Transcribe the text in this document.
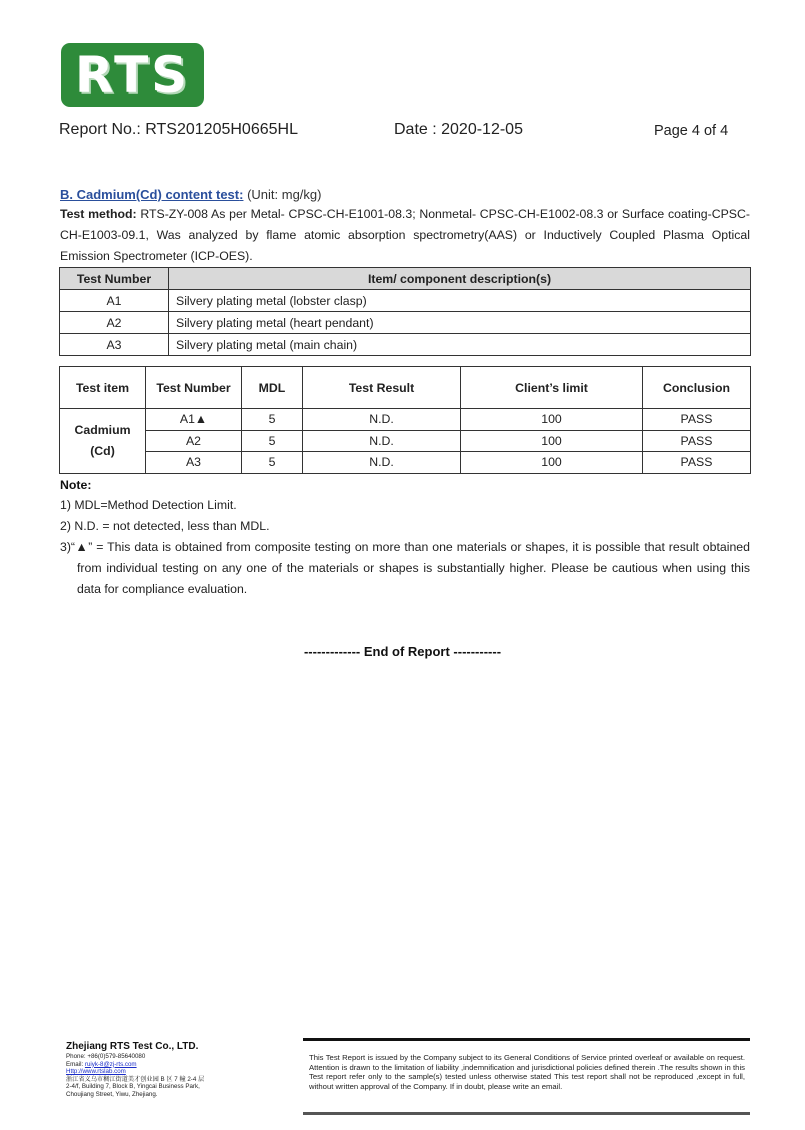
RTS
Report No.: RTS201205H0665HL	Date : 2020-12-05	Page 4 of 4
B. Cadmium(Cd) content test: (Unit: mg/kg)
Test method: RTS-ZY-008 As per Metal- CPSC-CH-E1001-08.3; Nonmetal- CPSC-CH-E1002-08.3 or Surface coating-CPSC-CH-E1003-09.1, Was analyzed by flame atomic absorption spectrometry(AAS) or Inductively Coupled Plasma Optical Emission Spectrometer (ICP-OES).
Test Number	Item/ component description(s)
A1	Silvery plating metal (lobster clasp)
A2	Silvery plating metal (heart pendant)
A3	Silvery plating metal (main chain)
Test item	Test Number	MDL	Test Result	Client’s limit	Conclusion

Cadmium
(Cd)	A1▲	5	N.D.	100	PASS
	A2	5	N.D.	100	PASS
	A3	5	N.D.	100	PASS
Note:
1) MDL=Method Detection Limit.
2) N.D. = not detected, less than MDL.
3)“▲” = This data is obtained from composite testing on more than one materials or shapes, it is possible that result obtained from individual testing on any one of the materials or shapes is substantially higher. Please be cautious when using this data for compliance evaluation.
------------- End of Report -----------
Zhejiang RTS Test Co., LTD.
Phone: +86(0)579-85640080
Email: ruiyk-8@zj-rts.com
Http://www.rtslab.com
浙江省义乌市稠江街道美才创业园 B 区 7 幢 2-4 层
2-4/f, Building 7, Block B, Yingcai Business Park,
Choujiang Street, Yiwu, Zhejiang.
This Test Report is issued by the Company subject to its General Conditions of Service printed overleaf or available on request. Attention is drawn to the limitation of liability ,indemnification and jurisdictional policies defined therein .The results shown in this Test report refer only to the sample(s) tested unless otherwise stated This test report shall not be reproduced ,except in full, without written approval of the Company. If in doubt, please write an email.
